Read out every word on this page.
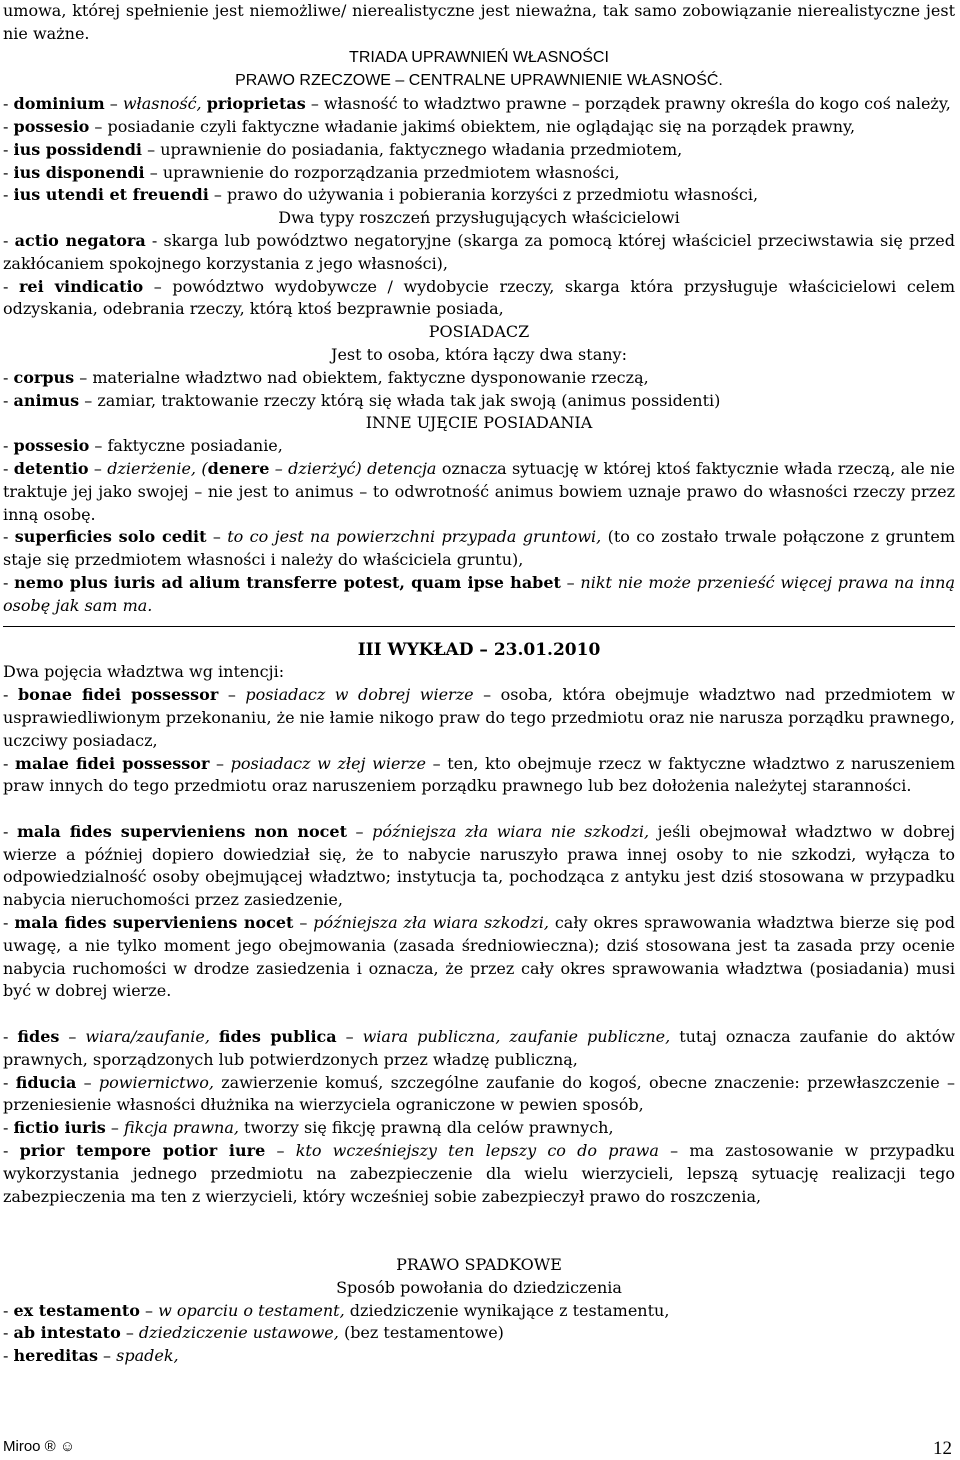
umowa, której spełnienie jest niemożliwe/ nierealistyczne jest nieważna, tak samo zobowiązanie nierealistyczne jest nie ważne.

TRIADA UPRAWNIEŃ WŁASNOŚCI

PRAWO RZECZOWE – CENTRALNE UPRAWNIENIE WŁASNOŚĆ.

- dominium – własność, prioprietas – własność to władztwo prawne – porządek prawny określa do kogo coś należy,

- possesio – posiadanie czyli faktyczne władanie jakimś obiektem, nie oglądając się na porządek prawny,

- ius possidendi – uprawnienie do posiadania, faktycznego władania przedmiotem,

- ius disponendi – uprawnienie do rozporządzania przedmiotem własności,

- ius utendi et freuendi – prawo do używania i pobierania korzyści z przedmiotu własności,

Dwa typy roszczeń przysługujących właścicielowi

- actio negatora - skarga lub powództwo negatoryjne (skarga za pomocą której właściciel przeciwstawia się przed zakłócaniem spokojnego korzystania z jego własności),

- rei vindicatio – powództwo wydobywcze / wydobycie rzeczy, skarga która przysługuje właścicielowi celem odzyskania, odebrania rzeczy, którą ktoś bezprawnie posiada,

POSIADACZ

Jest to osoba, która łączy dwa stany:

- corpus – materialne władztwo nad obiektem, faktyczne dysponowanie rzeczą,

- animus – zamiar, traktowanie rzeczy którą się włada tak jak swoją (animus possidenti)

INNE UJĘCIE POSIADANIA

- possesio – faktyczne posiadanie,

- detentio – dzierżenie, (denere – dzierżyć) detencja oznacza sytuację w której ktoś faktycznie włada rzeczą, ale nie traktuje jej jako swojej – nie jest to animus – to odwrotność animus bowiem uznaje prawo do własności rzeczy przez inną osobę.

- superficies solo cedit – to co jest na powierzchni przypada gruntowi, (to co zostało trwale połączone z gruntem staje się przedmiotem własności i należy do właściciela gruntu),

- nemo plus iuris ad alium transferre potest, quam ipse habet – nikt nie może przenieść więcej prawa na inną osobę jak sam ma.

III WYKŁAD – 23.01.2010

Dwa pojęcia władztwa wg intencji:

- bonae fidei possessor – posiadacz w dobrej wierze – osoba, która obejmuje władztwo nad przedmiotem w usprawiedliwionym przekonaniu, że nie łamie nikogo praw do tego przedmiotu oraz nie narusza porządku prawnego, uczciwy posiadacz,

- malae fidei possessor – posiadacz w złej wierze – ten, kto obejmuje rzecz w faktyczne władztwo z naruszeniem praw innych do tego przedmiotu oraz naruszeniem porządku prawnego lub bez dołożenia należytej staranności.

- mala fides supervieniens non nocet – późniejsza zła wiara nie szkodzi, jeśli obejmował władztwo w dobrej wierze a później dopiero dowiedział się, że to nabycie naruszyło prawa innej osoby to nie szkodzi, wyłącza to odpowiedzialność osoby obejmującej władztwo; instytucja ta, pochodząca z antyku jest dziś stosowana w przypadku nabycia nieruchomości przez zasiedzenie,

- mala fides supervieniens nocet – późniejsza zła wiara szkodzi, cały okres sprawowania władztwa bierze się pod uwagę, a nie tylko moment jego obejmowania (zasada średniowieczna); dziś stosowana jest ta zasada przy ocenie nabycia ruchomości w drodze zasiedzenia i oznacza, że przez cały okres sprawowania władztwa (posiadania) musi być w dobrej wierze.

- fides – wiara/zaufanie, fides publica – wiara publiczna, zaufanie publiczne, tutaj oznacza zaufanie do aktów prawnych, sporządzonych lub potwierdzonych przez władzę publiczną,

- fiducia – powiernictwo, zawierzenie komuś, szczególne zaufanie do kogoś, obecne znaczenie: przewłaszczenie – przeniesienie własności dłużnika na wierzyciela ograniczone w pewien sposób,

- fictio iuris – fikcja prawna, tworzy się fikcję prawną dla celów prawnych,

- prior tempore potior iure – kto wcześniejszy ten lepszy co do prawa – ma zastosowanie w przypadku wykorzystania jednego przedmiotu na zabezpieczenie dla wielu wierzycieli, lepszą sytuację realizacji tego zabezpieczenia ma ten z wierzycieli, który wcześniej sobie zabezpieczył prawo do roszczenia,

PRAWO SPADKOWE

Sposób powołania do dziedziczenia

- ex testamento – w oparciu o testament, dziedziczenie wynikające z testamentu,

- ab intestato – dziedziczenie ustawowe, (bez testamentowe)

- hereditas – spadek,

Miroo ® ☺	12
